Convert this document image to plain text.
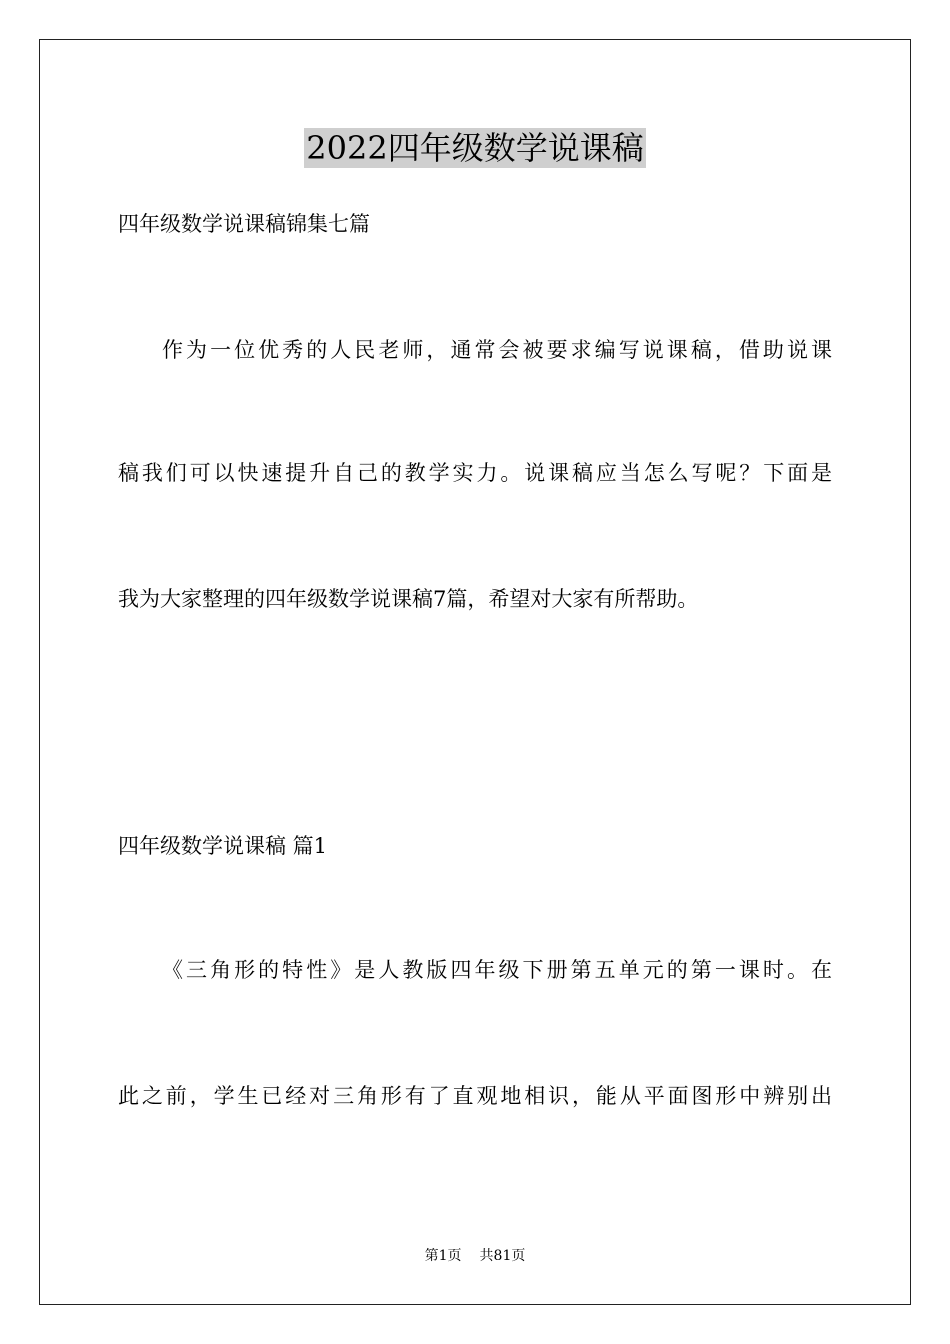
2022四年级数学说课稿
四年级数学说课稿锦集七篇
作为一位优秀的人民老师，通常会被要求编写说课稿，借助说课
稿我们可以快速提升自己的教学实力。说课稿应当怎么写呢？下面是
我为大家整理的四年级数学说课稿7篇，希望对大家有所帮助。
四年级数学说课稿 篇1
《三角形的特性》是人教版四年级下册第五单元的第一课时。在
此之前，学生已经对三角形有了直观地相识，能从平面图形中辨别出
第1页 共81页
